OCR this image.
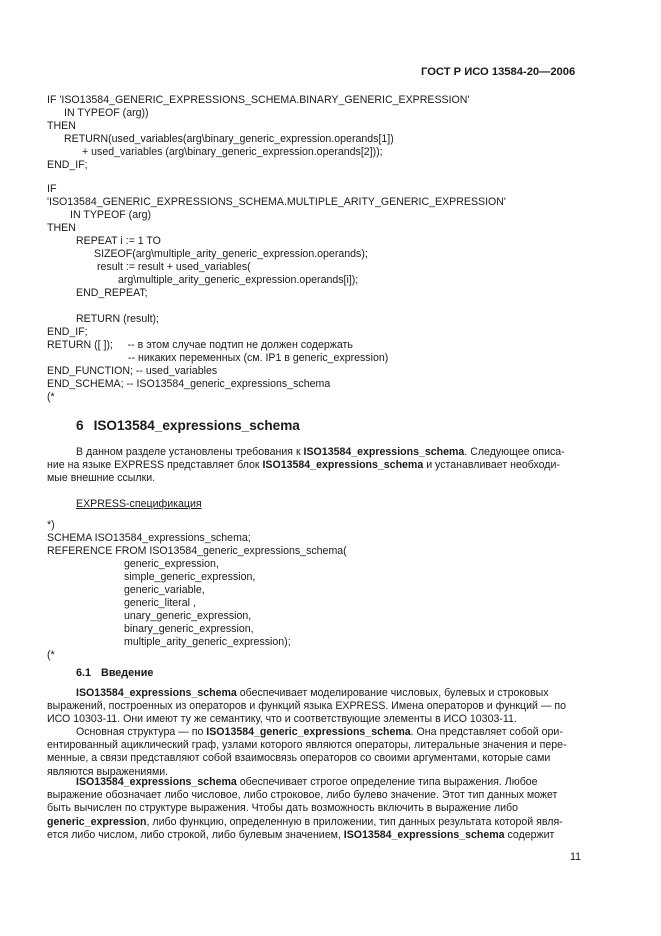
ГОСТ Р ИСО 13584-20—2006
IF 'ISO13584_GENERIC_EXPRESSIONS_SCHEMA.BINARY_GENERIC_EXPRESSION'
IN TYPEOF (arg))
THEN
RETURN(used_variables(arg\binary_generic_expression.operands[1])
+ used_variables (arg\binary_generic_expression.operands[2]));
END_IF;
IF
'ISO13584_GENERIC_EXPRESSIONS_SCHEMA.MULTIPLE_ARITY_GENERIC_EXPRESSION'
IN TYPEOF (arg)
THEN
REPEAT i := 1 TO
SIZEOF(arg\multiple_arity_generic_expression.operands);
result := result + used_variables(
arg\multiple_arity_generic_expression.operands[i]);
END_REPEAT;
RETURN (result);
END_IF;
RETURN ([ ]);     -- в этом случае подтип не должен содержать
-- никаких переменных (см. IP1 в generic_expression)
END_FUNCTION; -- used_variables
END_SCHEMA; -- ISO13584_generic_expressions_schema
(*
6 ISO13584_expressions_schema
В данном разделе установлены требования к ISO13584_expressions_schema. Следующее описа-
ние на языке EXPRESS представляет блок ISO13584_expressions_schema и устанавливает необходи-
мые внешние ссылки.
EXPRESS-спецификация
*)
SCHEMA ISO13584_expressions_schema;
REFERENCE FROM ISO13584_generic_expressions_schema(
generic_expression,
simple_generic_expression,
generic_variable,
generic_literal ,
unary_generic_expression,
binary_generic_expression,
multiple_arity_generic_expression);
(*
6.1 Введение
ISO13584_expressions_schema обеспечивает моделирование числовых, булевых и строковых
выражений, построенных из операторов и функций языка EXPRESS. Имена операторов и функций — по
ИСО 10303-11. Они имеют ту же семантику, что и соответствующие элементы в ИСО 10303-11.
Основная структура — по ISO13584_generic_expressions_schema. Она представляет собой ори-
ентированный ациклический граф, узлами которого являются операторы, литеральные значения и пере-
менные, а связи представляют собой взаимосвязь операторов со своими аргументами, которые сами
являются выражениями.
ISO13584_expressions_schema обеспечивает строгое определение типа выражения. Любое
выражение обозначает либо числовое, либо строковое, либо булево значение. Этот тип данных может
быть вычислен по структуре выражения. Чтобы дать возможность включить в выражение либо
generic_expression, либо функцию, определенную в приложении, тип данных результата которой явля-
ется либо числом, либо строкой, либо булевым значением, ISO13584_expressions_schema содержит
11
